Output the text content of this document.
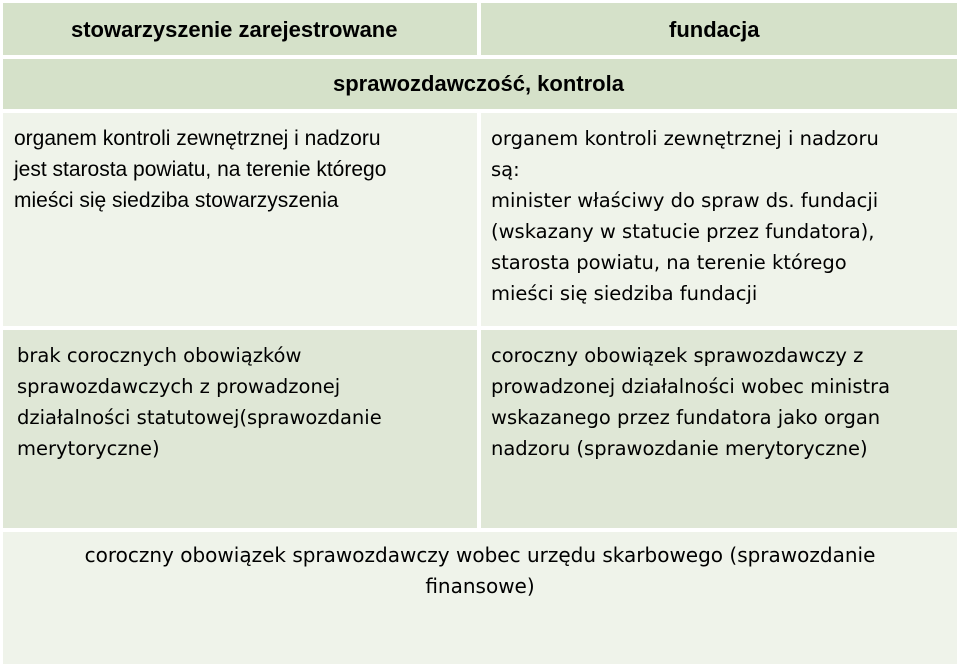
stowarzyszenie zarejestrowane	fundacja
sprawozdawczość, kontrola
organem kontroli zewnętrznej i nadzoru
jest starosta powiatu, na terenie którego
mieści się siedziba stowarzyszenia
organem kontroli zewnętrznej i nadzoru
są:
minister właściwy do spraw ds. fundacji
(wskazany w statucie przez fundatora),
starosta powiatu, na terenie którego
mieści się siedziba fundacji
brak corocznych obowiązków
sprawozdawczych z prowadzonej
działalności statutowej(sprawozdanie
merytoryczne)
coroczny obowiązek sprawozdawczy z
prowadzonej działalności wobec ministra
wskazanego przez fundatora jako organ
nadzoru (sprawozdanie merytoryczne)
coroczny obowiązek sprawozdawczy wobec urzędu skarbowego (sprawozdanie
finansowe)
